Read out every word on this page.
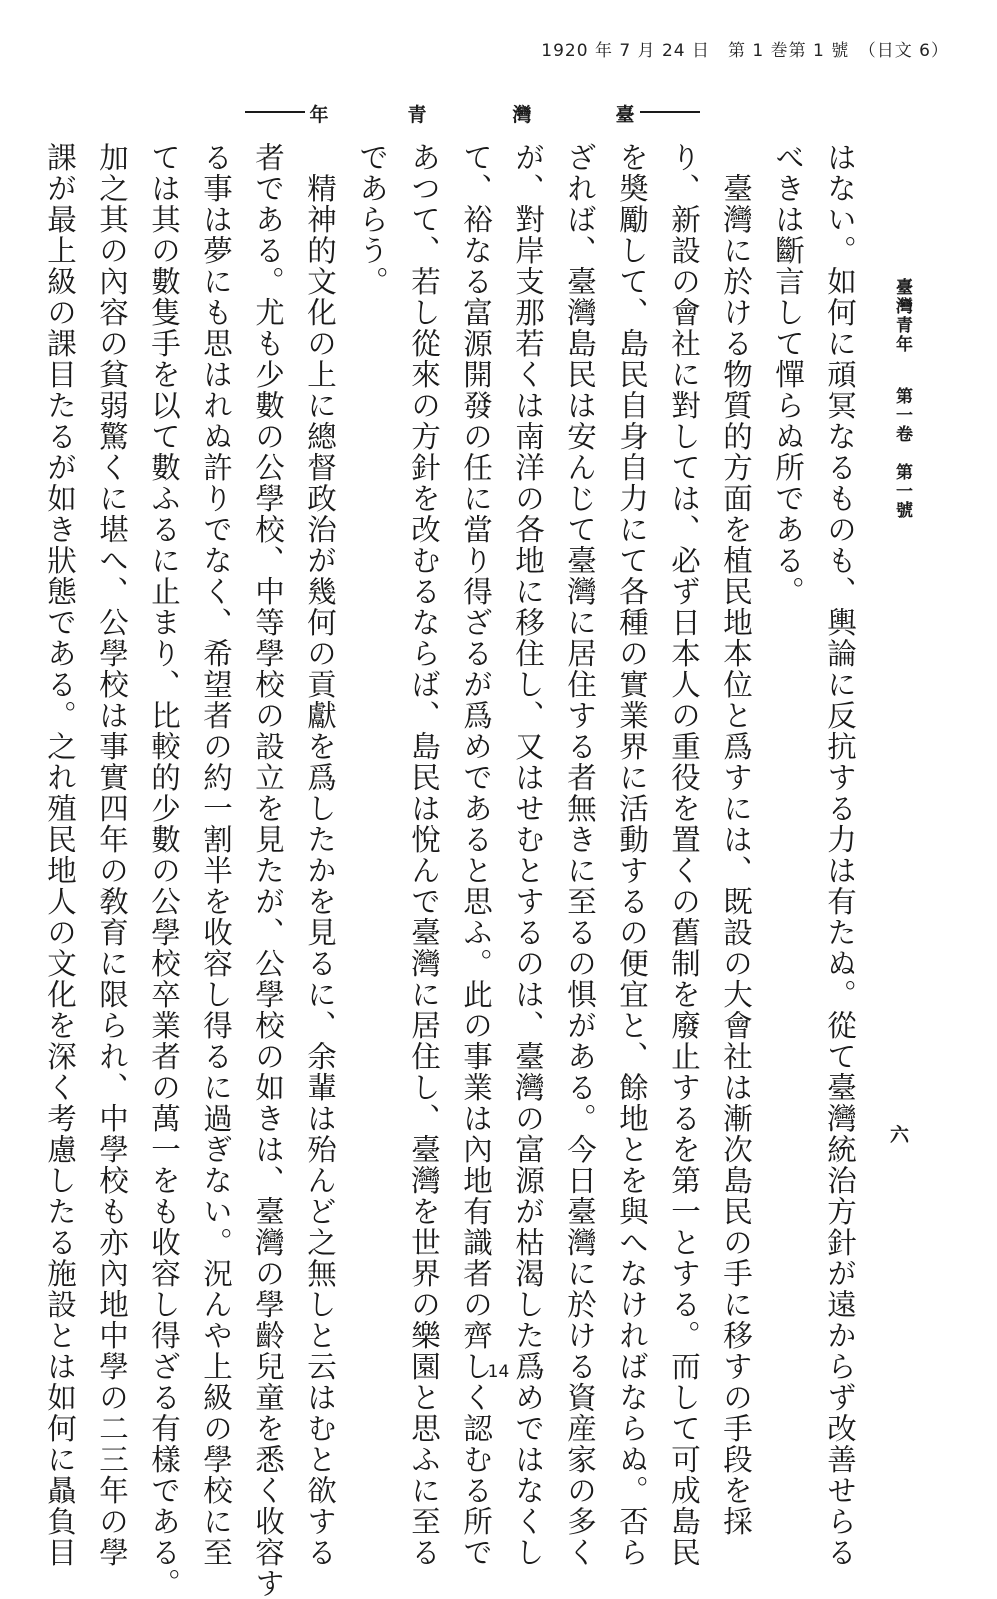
1920 年 7 月 24 日　第 1 巻第 1 號　（日文 6）
年	青	灣	臺
臺灣青年　第一卷　第一號
六

はない。如何に頑冥なるものも、輿論に反抗する力は有たぬ。從て臺灣統治方針が遠からず改善せらる

べきは斷言して憚らぬ所である。

　臺灣に於ける物質的方面を植民地本位と爲すには、既設の大會社は漸次島民の手に移すの手段を採

り、新設の會社に對しては、必ず日本人の重役を置くの舊制を廢止するを第一とする。而して可成島民

を奬勵して、島民自身自力にて各種の實業界に活動するの便宜と、餘地とを與へなければならぬ。否ら

ざれば、臺灣島民は安んじて臺灣に居住する者無きに至るの惧がある。今日臺灣に於ける資産家の多く

が、對岸支那若くは南洋の各地に移住し、又はせむとするのは、臺灣の富源が枯渴した爲めではなくし

て、裕なる富源開發の任に當り得ざるが爲めであると思ふ。此の事業は內地有識者の齊しく認むる所で

あつて、若し從來の方針を改むるならば、島民は悅んで臺灣に居住し、臺灣を世界の樂園と思ふに至る

であらう。

　精神的文化の上に總督政治が幾何の貢獻を爲したかを見るに、余輩は殆んど之無しと云はむと欲する

者である。尤も少數の公學校、中等學校の設立を見たが、公學校の如きは、臺灣の學齡兒童を悉く收容す

る事は夢にも思はれぬ許りでなく、希望者の約一割半を收容し得るに過ぎない。況んや上級の學校に至

ては其の數隻手を以て數ふるに止まり、比較的少數の公學校卒業者の萬一をも收容し得ざる有樣である。

加之其の內容の貧弱驚くに堪へ、公學校は事實四年の敎育に限られ、中學校も亦內地中學の二三年の學

課が最上級の課目たるが如き狀態である。之れ殖民地人の文化を深く考慮したる施設とは如何に贔負目	14
